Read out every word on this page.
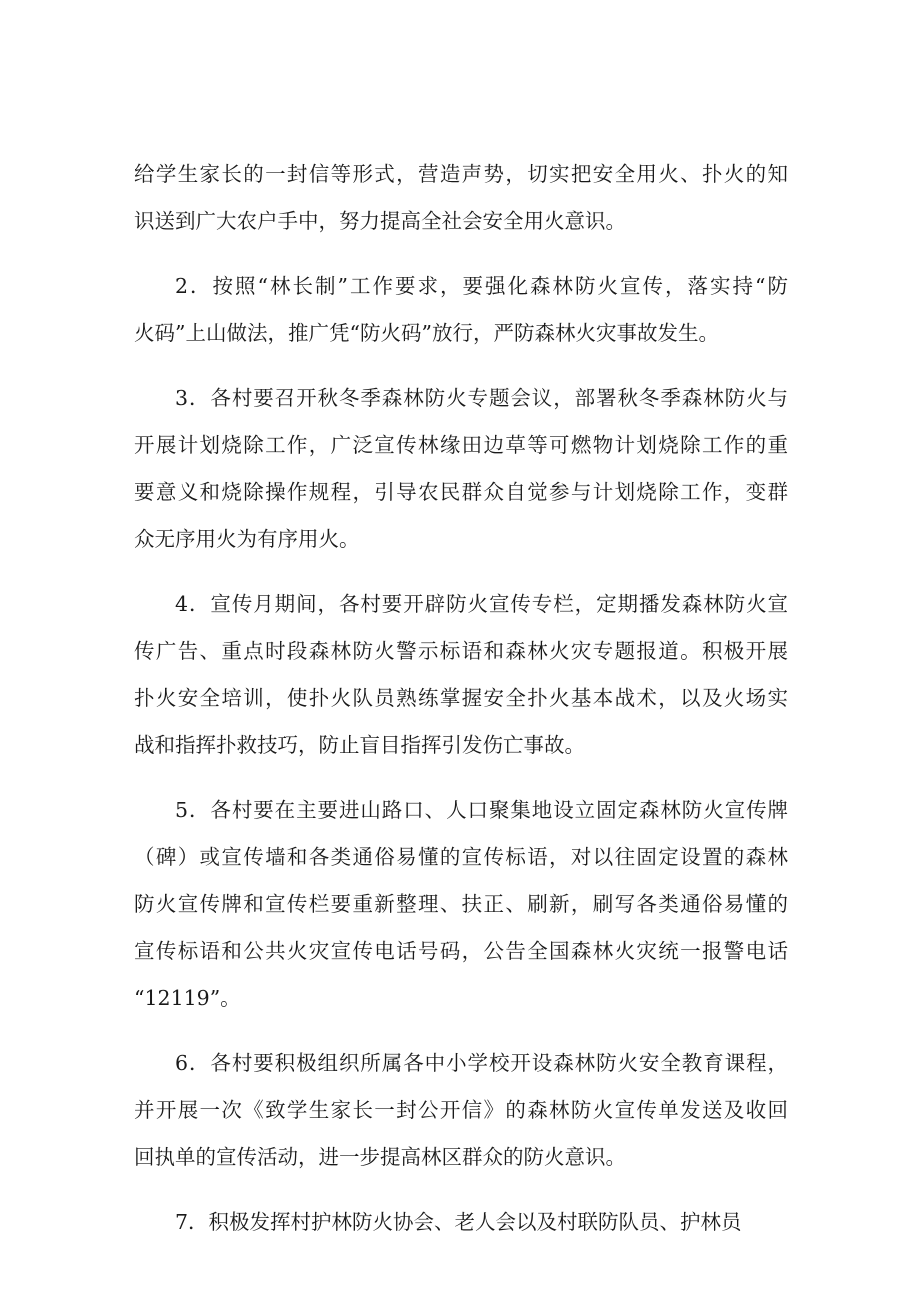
给学生家长的一封信等形式，营造声势，切实把安全用火、扑火的知
识送到广大农户手中，努力提高全社会安全用火意识。
2．按照“林长制”工作要求，要强化森林防火宣传，落实持“防
火码”上山做法，推广凭“防火码”放行，严防森林火灾事故发生。
3．各村要召开秋冬季森林防火专题会议，部署秋冬季森林防火与
开展计划烧除工作，广泛宣传林缘田边草等可燃物计划烧除工作的重
要意义和烧除操作规程，引导农民群众自觉参与计划烧除工作，变群
众无序用火为有序用火。
4．宣传月期间，各村要开辟防火宣传专栏，定期播发森林防火宣
传广告、重点时段森林防火警示标语和森林火灾专题报道。积极开展
扑火安全培训，使扑火队员熟练掌握安全扑火基本战术，以及火场实
战和指挥扑救技巧，防止盲目指挥引发伤亡事故。
5．各村要在主要进山路口、人口聚集地设立固定森林防火宣传牌
（碑）或宣传墙和各类通俗易懂的宣传标语，对以往固定设置的森林
防火宣传牌和宣传栏要重新整理、扶正、刷新，刷写各类通俗易懂的
宣传标语和公共火灾宣传电话号码，公告全国森林火灾统一报警电话
“12119”。
6．各村要积极组织所属各中小学校开设森林防火安全教育课程，
并开展一次《致学生家长一封公开信》的森林防火宣传单发送及收回
回执单的宣传活动，进一步提高林区群众的防火意识。
7．积极发挥村护林防火协会、老人会以及村联防队员、护林员
